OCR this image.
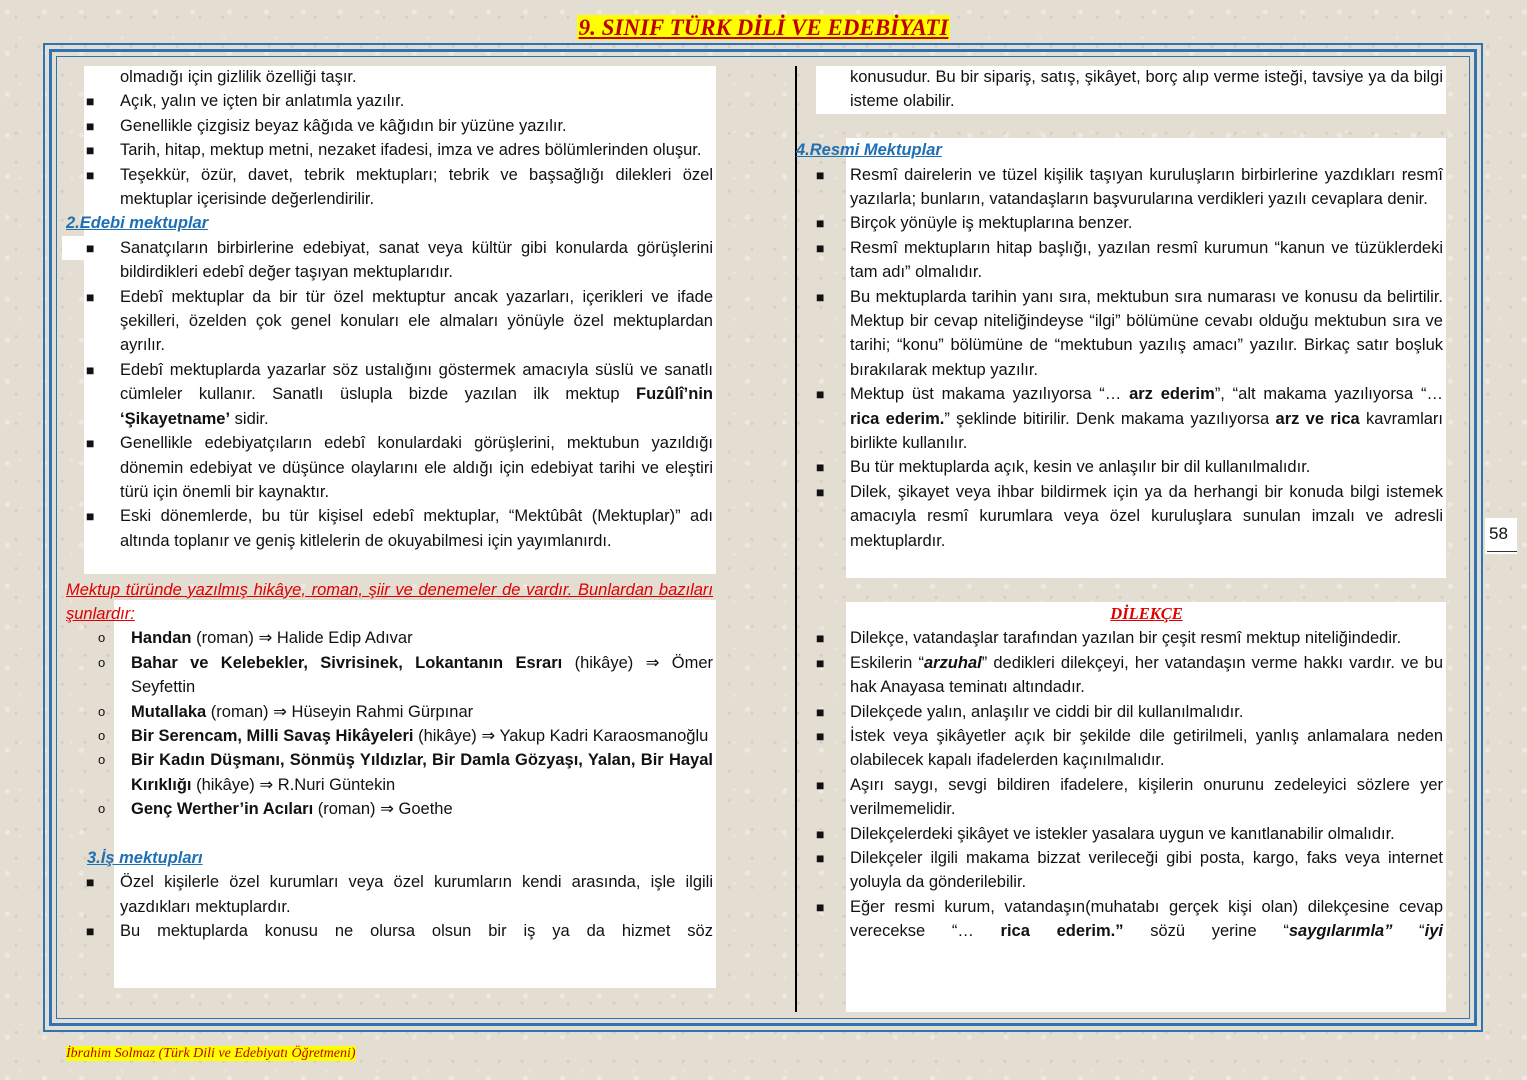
9. SINIF TÜRK DİLİ VE EDEBİYATI

olmadığı için gizlilik özelliği taşır.

■ Açık, yalın ve içten bir anlatımla yazılır.
■ Genellikle çizgisiz beyaz kâğıda ve kâğıdın bir yüzüne yazılır.
■ Tarih, hitap, mektup metni, nezaket ifadesi, imza ve adres bölümlerinden oluşur.
■ Teşekkür, özür, davet, tebrik mektupları; tebrik ve başsağlığı dilekleri özel mektuplar içerisinde değerlendirilir.

2.Edebi mektuplar

■ Sanatçıların birbirlerine edebiyat, sanat veya kültür gibi konularda görüşlerini bildirdikleri edebî değer taşıyan mektuplarıdır.
■ Edebî mektuplar da bir tür özel mektuptur ancak yazarları, içerikleri ve ifade şekilleri, özelden çok genel konuları ele almaları yönüyle özel mektuplardan ayrılır.
■ Edebî mektuplarda yazarlar söz ustalığını göstermek amacıyla süslü ve sanatlı cümleler kullanır. Sanatlı üslupla bizde yazılan ilk mektup Fuzûlî’nin ‘Şikayetname’ sidir.
■ Genellikle edebiyatçıların edebî konulardaki görüşlerini, mektubun yazıldığı dönemin edebiyat ve düşünce olaylarını ele aldığı için edebiyat tarihi ve eleştiri türü için önemli bir kaynaktır.
■ Eski dönemlerde, bu tür kişisel edebî mektuplar, “Mektûbât (Mektuplar)” adı altında toplanır ve geniş kitlelerin de okuyabilmesi için yayımlanırdı.

Mektup türünde yazılmış hikâye, roman, şiir ve denemeler de vardır. Bunlardan bazıları şunlardır:

o Handan (roman) ⇒ Halide Edip Adıvar
o Bahar ve Kelebekler, Sivrisinek, Lokantanın Esrarı (hikâye) ⇒ Ömer Seyfettin
o Mutallaka (roman) ⇒ Hüseyin Rahmi Gürpınar
o Bir Serencam, Milli Savaş Hikâyeleri (hikâye) ⇒ Yakup Kadri Karaosmanoğlu
o Bir Kadın Düşmanı, Sönmüş Yıldızlar, Bir Damla Gözyaşı, Yalan, Bir Hayal Kırıklığı (hikâye) ⇒ R.Nuri Güntekin
o Genç Werther’in Acıları (roman) ⇒ Goethe

3.İş mektupları

■ Özel kişilerle özel kurumları veya özel kurumların kendi arasında, işle ilgili yazdıkları mektuplardır.
■ Bu mektuplarda konusu ne olursa olsun bir iş ya da hizmet söz

konusudur. Bu bir sipariş, satış, şikâyet, borç alıp verme isteği, tavsiye ya da bilgi isteme olabilir.

4.Resmi Mektuplar

■ Resmî dairelerin ve tüzel kişilik taşıyan kuruluşların birbirlerine yazdıkları resmî yazılarla; bunların, vatandaşların başvurularına verdikleri yazılı cevaplara denir.
■ Birçok yönüyle iş mektuplarına benzer.
■ Resmî mektupların hitap başlığı, yazılan resmî kurumun “kanun ve tüzüklerdeki tam adı” olmalıdır.
■ Bu mektuplarda tarihin yanı sıra, mektubun sıra numarası ve konusu da belirtilir. Mektup bir cevap niteliğindeyse “ilgi” bölümüne cevabı olduğu mektubun sıra ve tarihi; “konu” bölümüne de “mektubun yazılış amacı” yazılır. Birkaç satır boşluk bırakılarak mektup yazılır.
■ Mektup üst makama yazılıyorsa “… arz ederim”, “alt makama yazılıyorsa “… rica ederim.” şeklinde bitirilir. Denk makama yazılıyorsa arz ve rica kavramları birlikte kullanılır.
■ Bu tür mektuplarda açık, kesin ve anlaşılır bir dil kullanılmalıdır.
■ Dilek, şikayet veya ihbar bildirmek için ya da herhangi bir konuda bilgi istemek amacıyla resmî kurumlara veya özel kuruluşlara sunulan imzalı ve adresli mektuplardır.

DİLEKÇE

■ Dilekçe, vatandaşlar tarafından yazılan bir çeşit resmî mektup niteliğindedir.
■ Eskilerin “arzuhal” dedikleri dilekçeyi, her vatandaşın verme hakkı vardır. ve bu hak Anayasa teminatı altındadır.
■ Dilekçede yalın, anlaşılır ve ciddi bir dil kullanılmalıdır.
■ İstek veya şikâyetler açık bir şekilde dile getirilmeli, yanlış anlamalara neden olabilecek kapalı ifadelerden kaçınılmalıdır.
■ Aşırı saygı, sevgi bildiren ifadelere, kişilerin onurunu zedeleyici sözlere yer verilmemelidir.
■ Dilekçelerdeki şikâyet ve istekler yasalara uygun ve kanıtlanabilir olmalıdır.
■ Dilekçeler ilgili makama bizzat verileceği gibi posta, kargo, faks veya internet yoluyla da gönderilebilir.
■ Eğer resmi kurum, vatandaşın(muhatabı gerçek kişi olan) dilekçesine cevap verecekse “… rica ederim.” sözü yerine “saygılarımla” “iyi
58
İbrahim Solmaz (Türk Dili ve Edebiyatı Öğretmeni)
